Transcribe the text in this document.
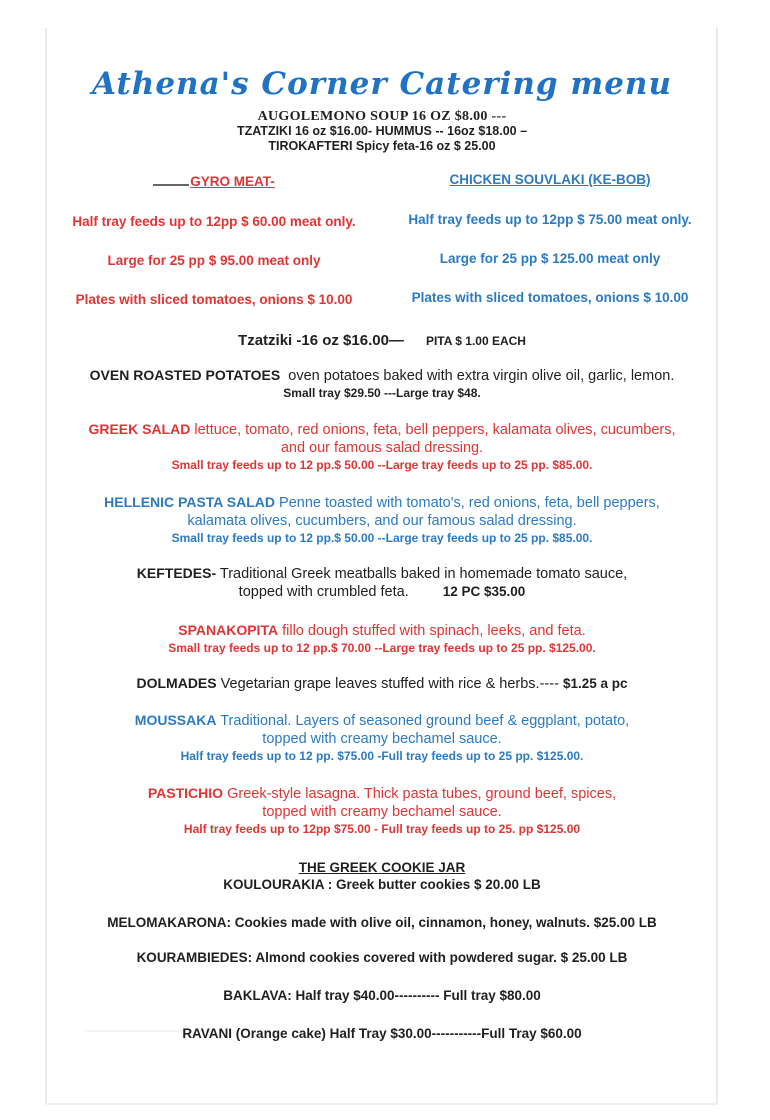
Athena's Corner Catering menu
AUGOLEMONO SOUP 16 OZ $8.00 ---
TZATZIKI 16 oz $16.00- HUMMUS -- 16oz $18.00 –
TIROKAFTERI Spicy feta-16 oz $ 25.00
GYRO MEAT-
Half tray feeds up to 12pp $ 60.00 meat only.
Large for 25 pp $ 95.00 meat only
Plates with sliced tomatoes, onions $ 10.00
CHICKEN SOUVLAKI (KE-BOB)
Half tray feeds up to 12pp $ 75.00 meat only.
Large for 25 pp $ 125.00 meat only
Plates with sliced tomatoes, onions $ 10.00
Tzatziki -16 oz $16.00— PITA $ 1.00 EACH
OVEN ROASTED POTATOES oven potatoes baked with extra virgin olive oil, garlic, lemon.
Small tray $29.50 ---Large tray $48.
GREEK SALAD lettuce, tomato, red onions, feta, bell peppers, kalamata olives, cucumbers,
and our famous salad dressing.
Small tray feeds up to 12 pp.$ 50.00 --Large tray feeds up to 25 pp. $85.00.
HELLENIC PASTA SALAD Penne toasted with tomato's, red onions, feta, bell peppers,
kalamata olives, cucumbers, and our famous salad dressing.
Small tray feeds up to 12 pp.$ 50.00 --Large tray feeds up to 25 pp. $85.00.
KEFTEDES- Traditional Greek meatballs baked in homemade tomato sauce,
topped with crumbled feta.	12 PC $35.00
SPANAKOPITA fillo dough stuffed with spinach, leeks, and feta.
Small tray feeds up to 12 pp.$ 70.00 --Large tray feeds up to 25 pp. $125.00.
DOLMADES Vegetarian grape leaves stuffed with rice & herbs.---- $1.25 a pc
MOUSSAKA Traditional. Layers of seasoned ground beef & eggplant, potato,
topped with creamy bechamel sauce.
Half tray feeds up to 12 pp. $75.00 -Full tray feeds up to 25 pp. $125.00.
PASTICHIO Greek-style lasagna. Thick pasta tubes, ground beef, spices,
topped with creamy bechamel sauce.
Half tray feeds up to 12pp $75.00 - Full tray feeds up to 25. pp $125.00
THE GREEK COOKIE JAR
KOULOURAKIA : Greek butter cookies $ 20.00 LB
MELOMAKARONA: Cookies made with olive oil, cinnamon, honey, walnuts. $25.00 LB
KOURAMBIEDES: Almond cookies covered with powdered sugar. $ 25.00 LB
BAKLAVA: Half tray $40.00---------- Full tray $80.00
RAVANI (Orange cake) Half Tray $30.00-----------Full Tray $60.00
